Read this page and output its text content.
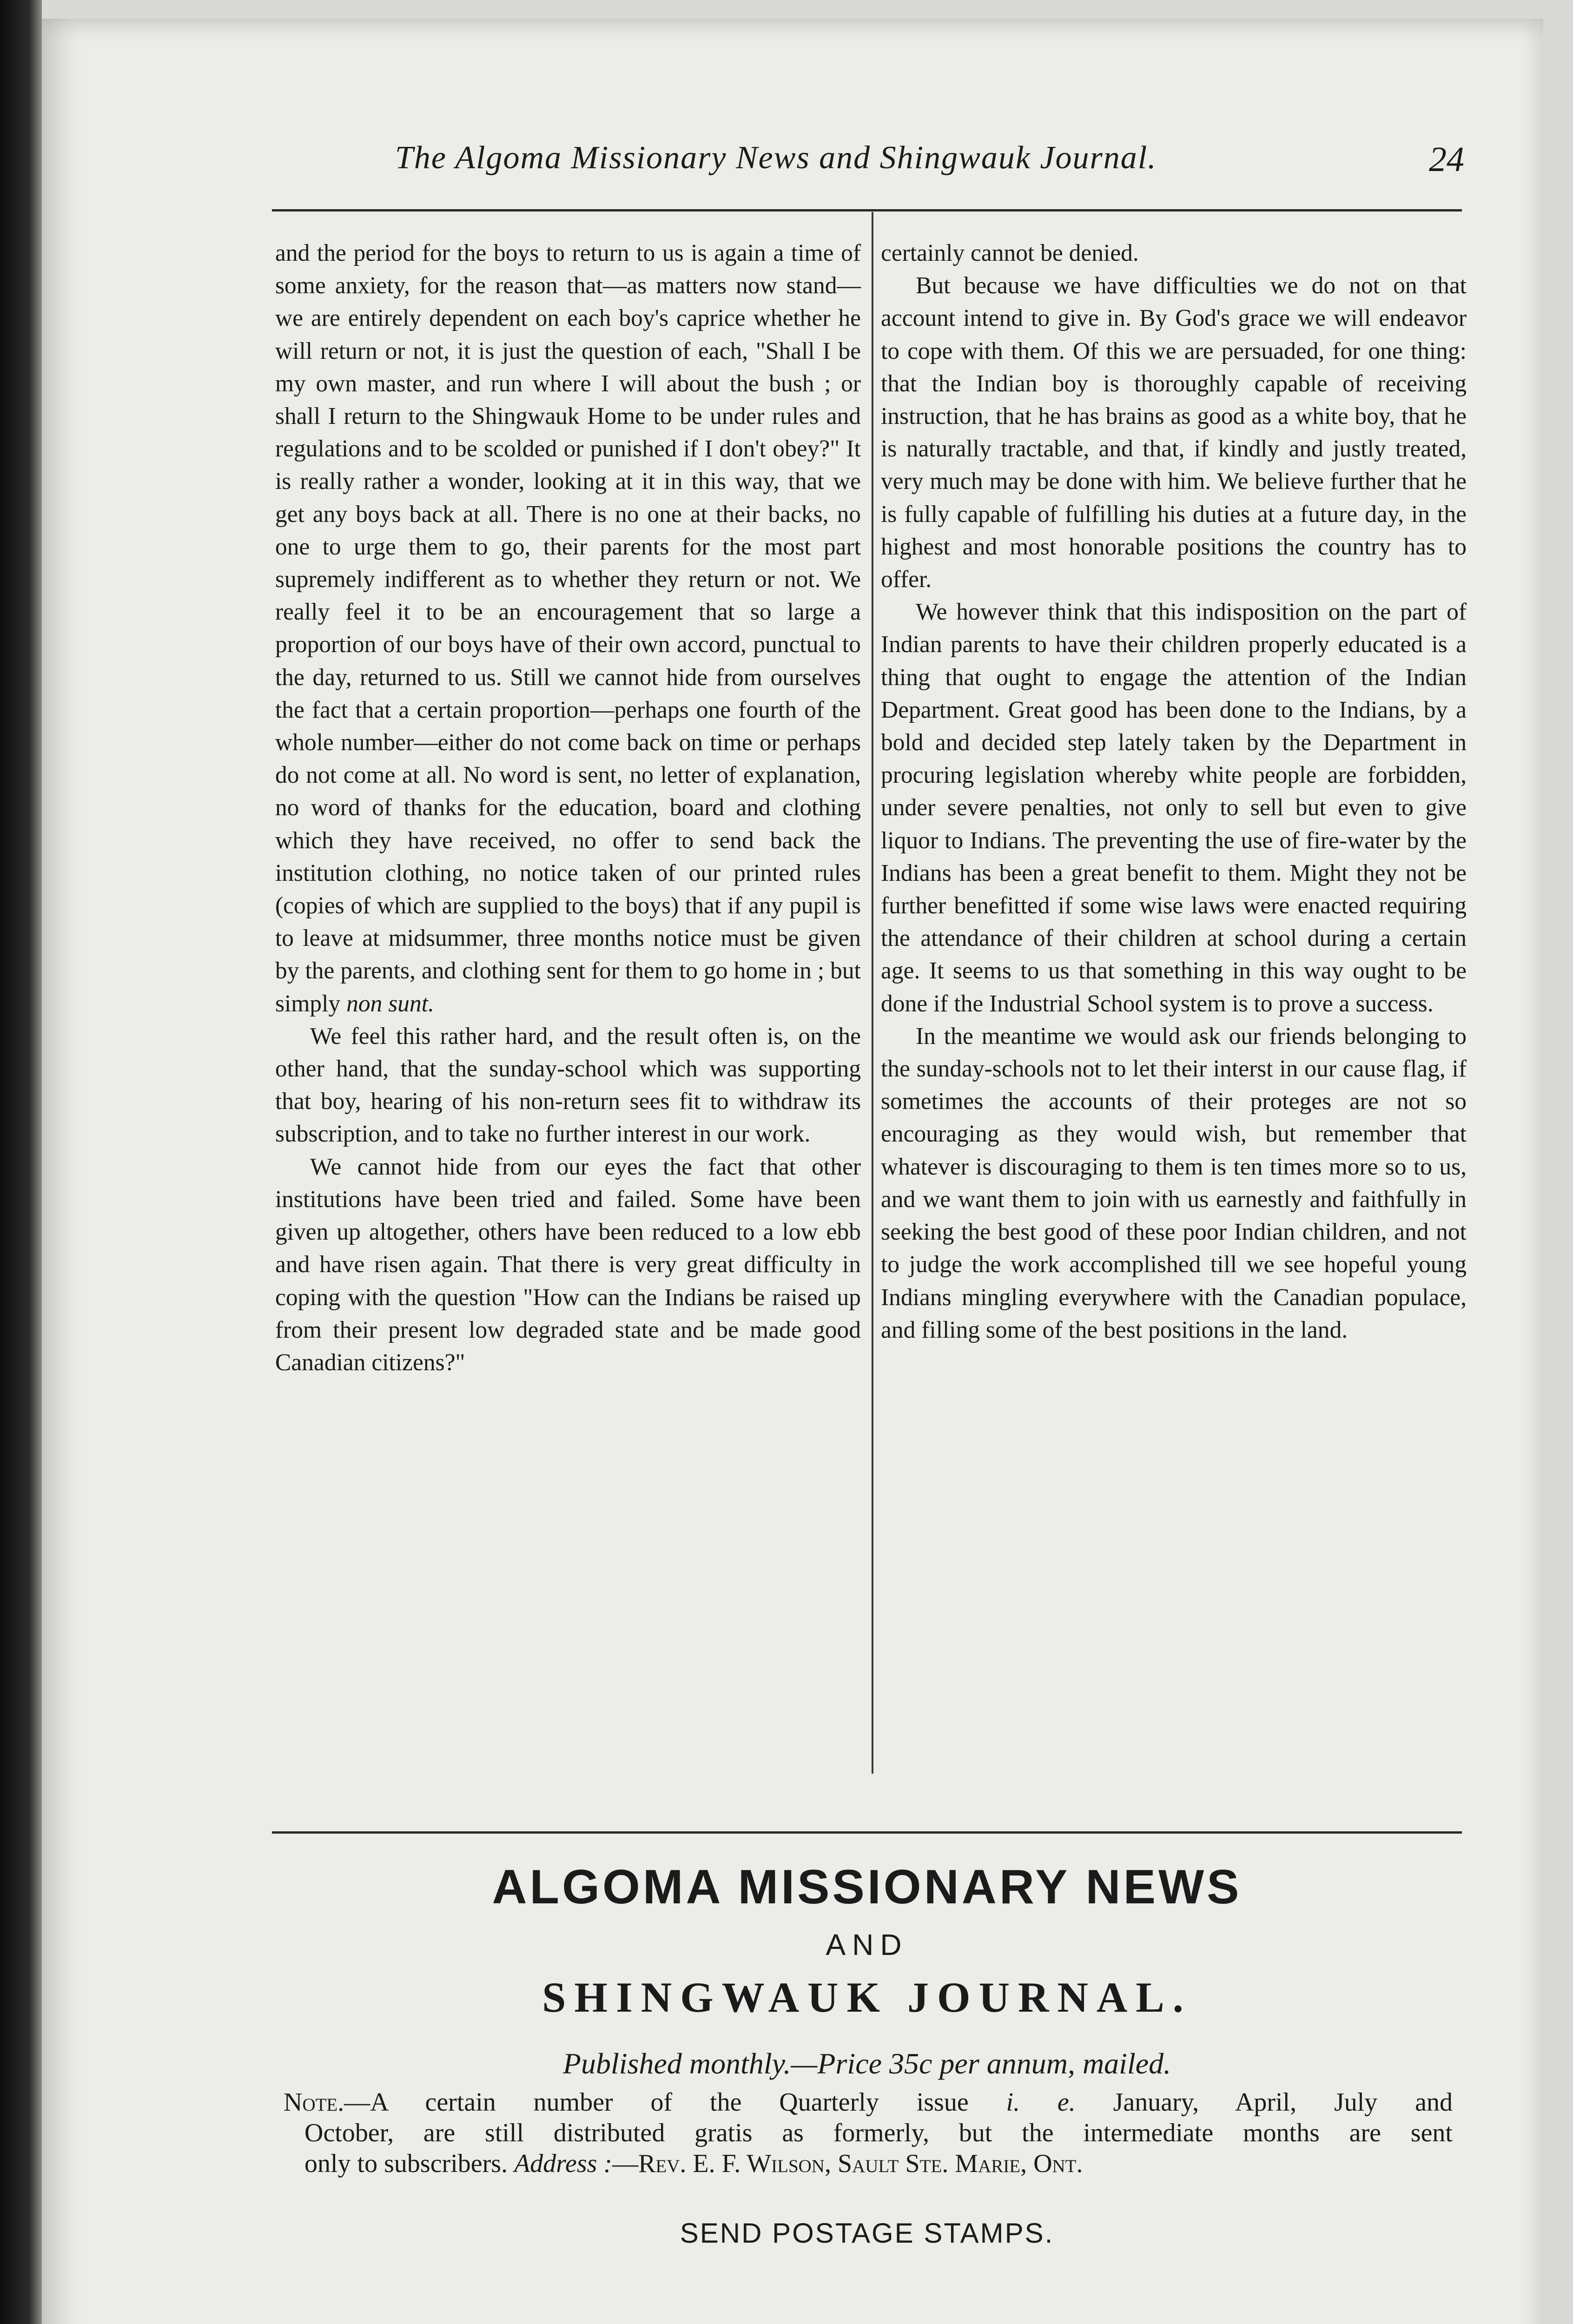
The Algoma Missionary News and Shingwauk Journal.	24

and the period for the boys to return to us is again a time of some anxiety, for the reason that—as matters now stand—we are entirely dependent on each boy's caprice whether he will return or not, it is just the question of each, "Shall I be my own master, and run where I will about the bush ; or shall I return to the Shingwauk Home to be under rules and regulations and to be scolded or punished if I don't obey?" It is really rather a wonder, looking at it in this way, that we get any boys back at all. There is no one at their backs, no one to urge them to go, their parents for the most part supremely indifferent as to whether they return or not. We really feel it to be an encouragement that so large a proportion of our boys have of their own accord, punctual to the day, returned to us. Still we cannot hide from ourselves the fact that a certain proportion—perhaps one fourth of the whole number—either do not come back on time or perhaps do not come at all. No word is sent, no letter of explanation, no word of thanks for the education, board and clothing which they have received, no offer to send back the institution clothing, no notice taken of our printed rules (copies of which are supplied to the boys) that if any pupil is to leave at midsummer, three months notice must be given by the parents, and clothing sent for them to go home in ; but simply non sunt.

We feel this rather hard, and the result often is, on the other hand, that the sunday-school which was supporting that boy, hearing of his non-return sees fit to withdraw its subscription, and to take no further interest in our work.

We cannot hide from our eyes the fact that other institutions have been tried and failed. Some have been given up altogether, others have been reduced to a low ebb and have risen again. That there is very great difficulty in coping with the question "How can the Indians be raised up from their present low degraded state and be made good Canadian citizens?"

certainly cannot be denied.

But because we have difficulties we do not on that account intend to give in. By God's grace we will endeavor to cope with them. Of this we are persuaded, for one thing: that the Indian boy is thoroughly capable of receiving instruction, that he has brains as good as a white boy, that he is naturally tractable, and that, if kindly and justly treated, very much may be done with him. We believe further that he is fully capable of fulfilling his duties at a future day, in the highest and most honorable positions the country has to offer.

We however think that this indisposition on the part of Indian parents to have their children properly educated is a thing that ought to engage the attention of the Indian Department. Great good has been done to the Indians, by a bold and decided step lately taken by the Department in procuring legislation whereby white people are forbidden, under severe penalties, not only to sell but even to give liquor to Indians. The preventing the use of fire-water by the Indians has been a great benefit to them. Might they not be further benefitted if some wise laws were enacted requiring the attendance of their children at school during a certain age. It seems to us that something in this way ought to be done if the Industrial School system is to prove a success.

In the meantime we would ask our friends belonging to the sunday-schools not to let their interst in our cause flag, if sometimes the accounts of their proteges are not so encouraging as they would wish, but remember that whatever is discouraging to them is ten times more so to us, and we want them to join with us earnestly and faithfully in seeking the best good of these poor Indian children, and not to judge the work accomplished till we see hopeful young Indians mingling everywhere with the Canadian populace, and filling some of the best positions in the land.

ALGOMA MISSIONARY NEWS
AND
SHINGWAUK JOURNAL.
Published monthly.—Price 35c per annum, mailed.
Note.—A certain number of the Quarterly issue i. e. January, April, July and
October, are still distributed gratis as formerly, but the intermediate months are sent
only to subscribers. Address :—Rev. E. F. Wilson, Sault Ste. Marie, Ont.
SEND POSTAGE STAMPS.
